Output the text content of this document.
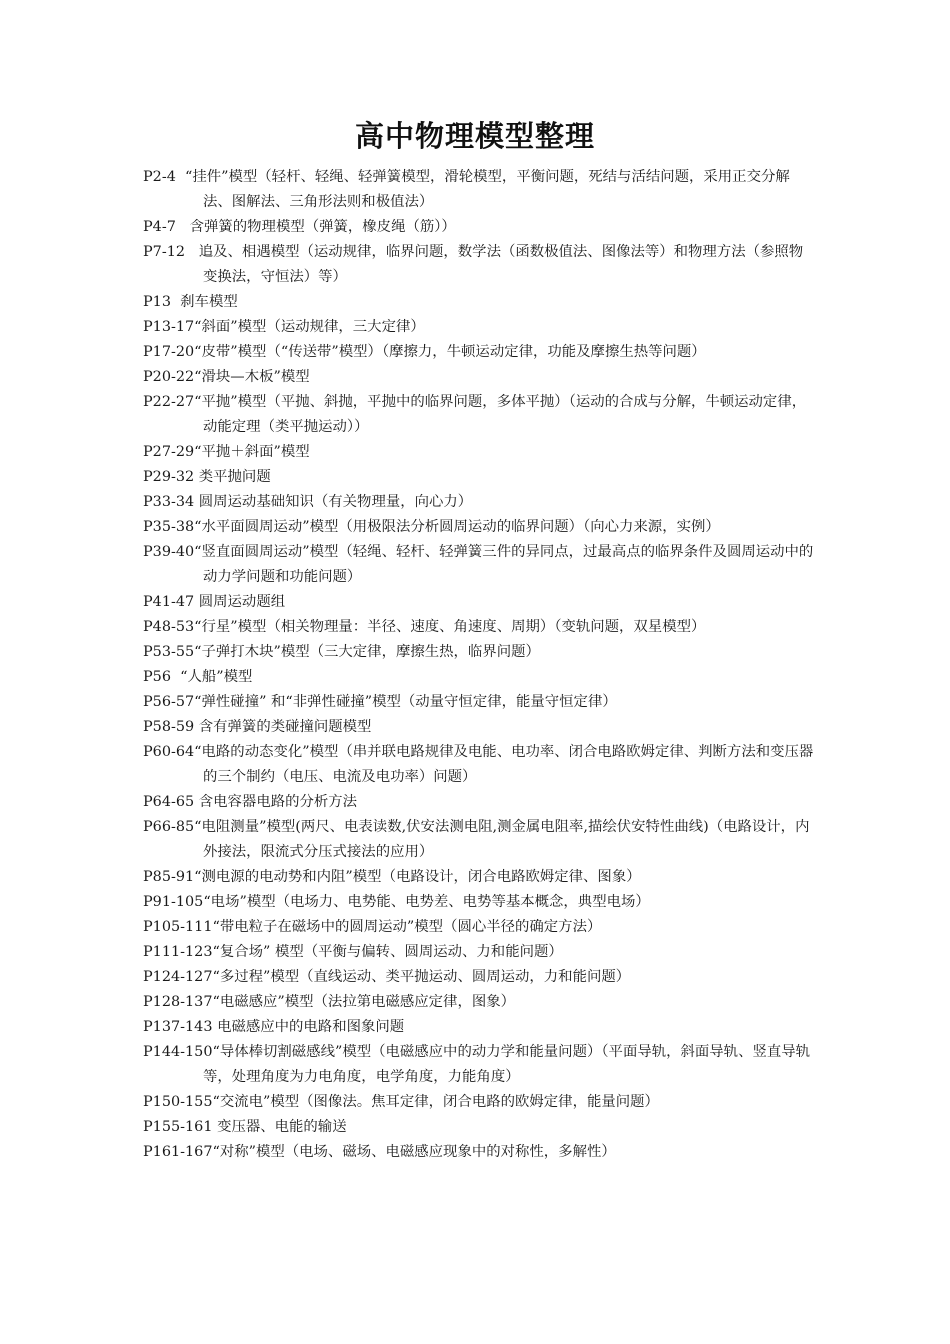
高中物理模型整理
P2-4 “挂件”模型（轻杆、轻绳、轻弹簧模型，滑轮模型，平衡问题，死结与活结问题，采用正交分解法、图解法、三角形法则和极值法）
P4-7 含弹簧的物理模型（弹簧，橡皮绳（筋））
P7-12 追及、相遇模型（运动规律，临界问题，数学法（函数极值法、图像法等）和物理方法（参照物变换法，守恒法）等）
P13 刹车模型
P13-17“斜面”模型（运动规律，三大定律）
P17-20“皮带”模型（“传送带”模型）（摩擦力，牛顿运动定律，功能及摩擦生热等问题）
P20-22“滑块—木板”模型
P22-27“平抛”模型（平抛、斜抛，平抛中的临界问题，多体平抛）（运动的合成与分解，牛顿运动定律，动能定理（类平抛运动））
P27-29“平抛＋斜面”模型
P29-32 类平抛问题
P33-34 圆周运动基础知识（有关物理量，向心力）
P35-38“水平面圆周运动”模型（用极限法分析圆周运动的临界问题）（向心力来源，实例）
P39-40“竖直面圆周运动”模型（轻绳、轻杆、轻弹簧三件的异同点，过最高点的临界条件及圆周运动中的动力学问题和功能问题）
P41-47 圆周运动题组
P48-53“行星”模型（相关物理量：半径、速度、角速度、周期）（变轨问题，双星模型）
P53-55“子弹打木块”模型（三大定律，摩擦生热，临界问题）
P56 “人船”模型
P56-57“弹性碰撞” 和“非弹性碰撞”模型（动量守恒定律，能量守恒定律）
P58-59 含有弹簧的类碰撞问题模型
P60-64“电路的动态变化”模型（串并联电路规律及电能、电功率、闭合电路欧姆定律、判断方法和变压器的三个制约（电压、电流及电功率）问题）
P64-65 含电容器电路的分析方法
P66-85“电阻测量”模型(两尺、电表读数,伏安法测电阻,测金属电阻率,描绘伏安特性曲线)（电路设计，内外接法，限流式分压式接法的应用）
P85-91“测电源的电动势和内阻”模型（电路设计，闭合电路欧姆定律、图象）
P91-105“电场”模型（电场力、电势能、电势差、电势等基本概念，典型电场）
P105-111“带电粒子在磁场中的圆周运动”模型（圆心半径的确定方法）
P111-123“复合场” 模型（平衡与偏转、圆周运动、力和能问题）
P124-127“多过程”模型（直线运动、类平抛运动、圆周运动，力和能问题）
P128-137“电磁感应”模型（法拉第电磁感应定律，图象）
P137-143 电磁感应中的电路和图象问题
P144-150“导体棒切割磁感线”模型（电磁感应中的动力学和能量问题）（平面导轨，斜面导轨、竖直导轨等，处理角度为力电角度，电学角度，力能角度）
P150-155“交流电”模型（图像法。焦耳定律，闭合电路的欧姆定律，能量问题）
P155-161 变压器、电能的输送
P161-167“对称”模型（电场、磁场、电磁感应现象中的对称性，多解性）
